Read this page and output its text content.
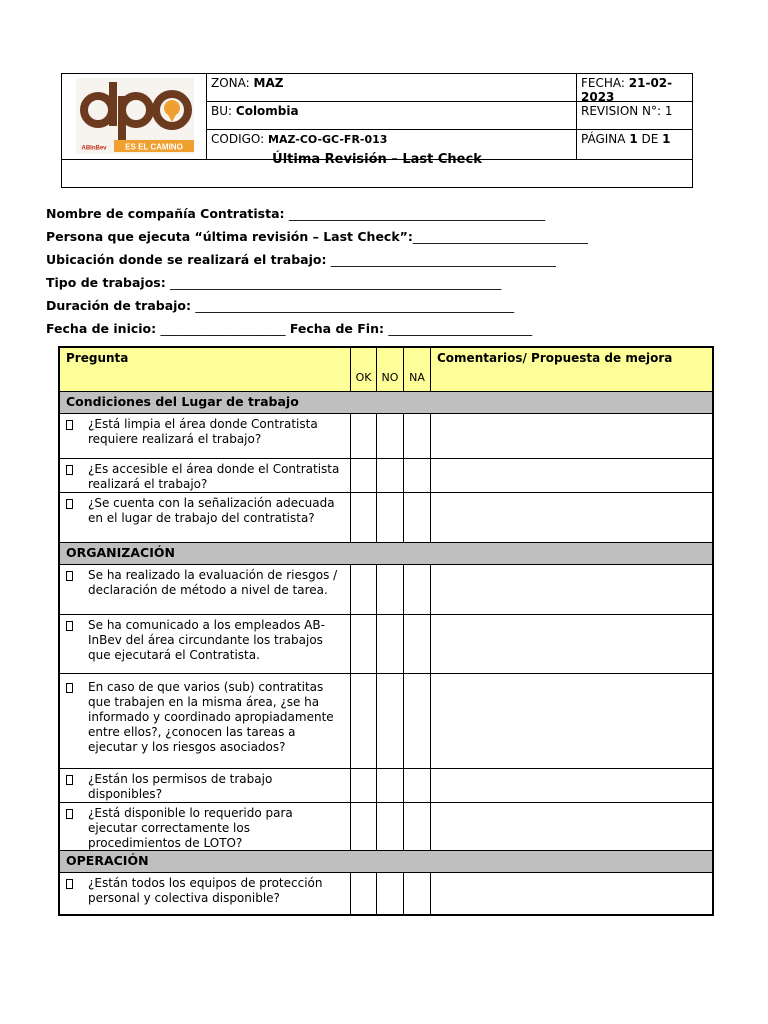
ES EL CAMINO
ABInBev
ZONA: MAZ	FECHA: 21-02-2023
BU: Colombia	REVISION N°: 1
CODIGO: MAZ-CO-GC-FR-013	PÁGINA 1 DE 1
Última Revisión – Last Check
Nombre de compañía Contratista: _________________________________________
Persona que ejecuta “última revisión – Last Check”:____________________________
Ubicación donde se realizará el trabajo: ____________________________________
Tipo de trabajos: _____________________________________________________
Duración de trabajo: ___________________________________________________
Fecha de inicio: ____________________ Fecha de Fin: _______________________
Pregunta
OK NO NA
Comentarios/ Propuesta de mejora
Condiciones del Lugar de trabajo
¿Está limpia el área donde Contratista requiere realizará el trabajo?
¿Es accesible el área donde el Contratista realizará el trabajo?
¿Se cuenta con la señalización adecuada en el lugar de trabajo del contratista?
ORGANIZACIÓN
Se ha realizado la evaluación de riesgos / declaración de método a nivel de tarea.
Se ha comunicado a los empleados AB-InBev del área circundante los trabajos que ejecutará el Contratista.
En caso de que varios (sub) contratitas que trabajen en la misma área, ¿se ha informado y coordinado apropiadamente entre ellos?, ¿conocen las tareas a ejecutar y los riesgos asociados?
¿Están los permisos de trabajo disponibles?
¿Está disponible lo requerido para ejecutar correctamente los procedimientos de LOTO?
OPERACIÓN
¿Están todos los equipos de protección personal y colectiva disponible?
